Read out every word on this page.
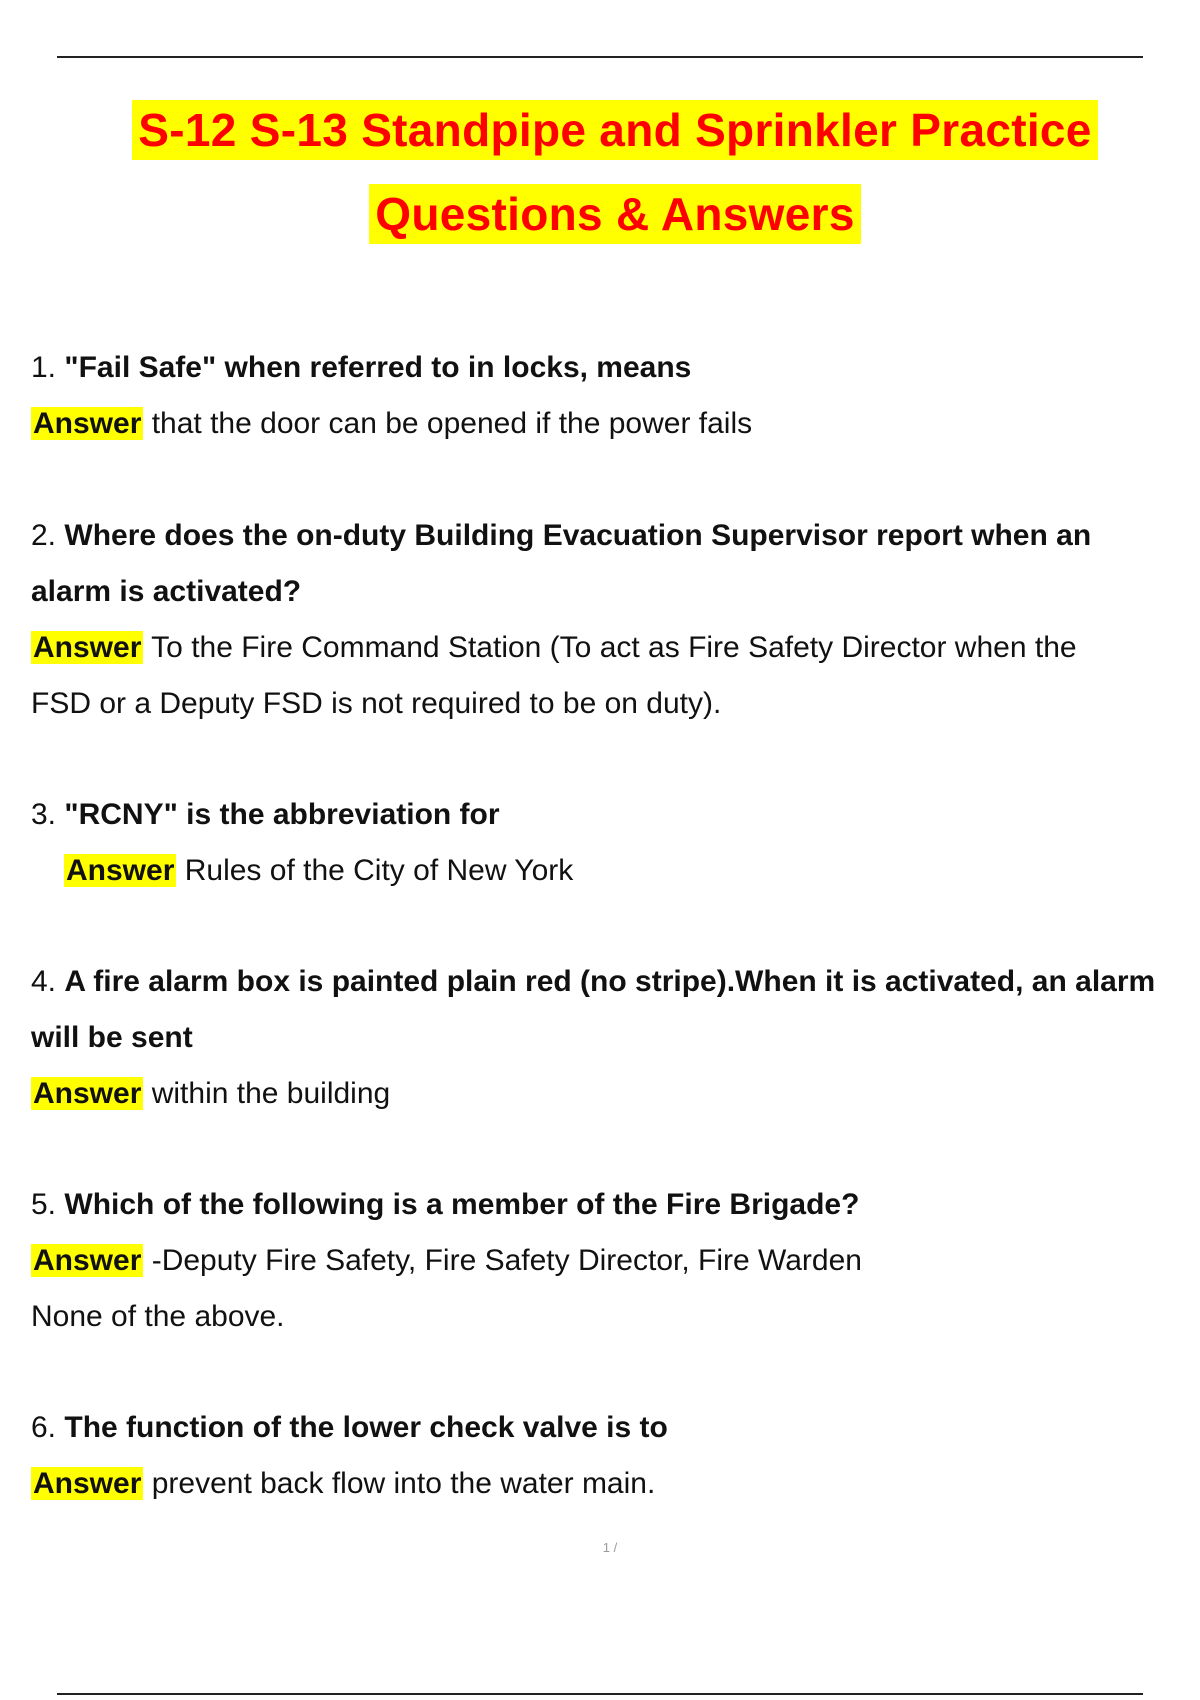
S-12 S-13 Standpipe and Sprinkler Practice
Questions & Answers
1. "Fail Safe" when referred to in locks, means
Answer that the door can be opened if the power fails
2. Where does the on-duty Building Evacuation Supervisor report when an
alarm is activated?
Answer To the Fire Command Station (To act as Fire Safety Director when the
FSD or a Deputy FSD is not required to be on duty).
3. "RCNY" is the abbreviation for
Answer Rules of the City of New York
4. A fire alarm box is painted plain red (no stripe).When it is activated, an alarm
will be sent
Answer within the building
5. Which of the following is a member of the Fire Brigade?
Answer -Deputy Fire Safety, Fire Safety Director, Fire Warden
None of the above.
6. The function of the lower check valve is to
Answer prevent back flow into the water main.
1 /
